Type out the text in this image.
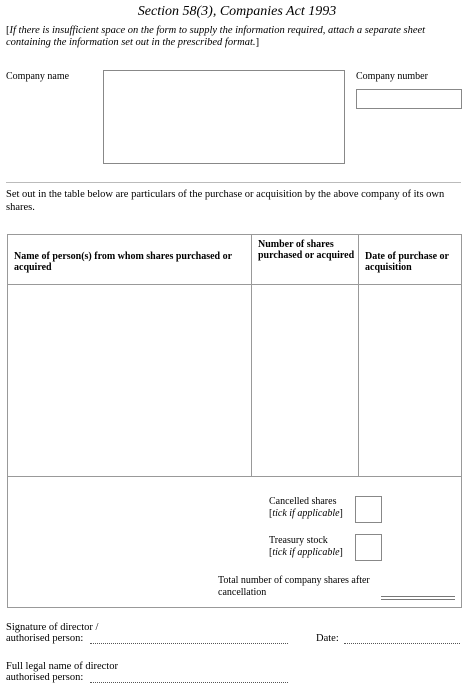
Section 58(3), Companies Act 1993
[If there is insufficient space on the form to supply the information required, attach a separate sheet containing the information set out in the prescribed format.]
Company name	Company number
Set out in the table below are particulars of the purchase or acquisition by the above company of its own shares.
Name of person(s) from whom shares purchased or acquired
Number of shares purchased or acquired Date of purchase or acquisition
Cancelled shares
[tick if applicable]
Treasury stock
[tick if applicable]
Total number of company shares after cancellation
Signature of director /
authorised person:	Date:
Full legal name of director
authorised person:
